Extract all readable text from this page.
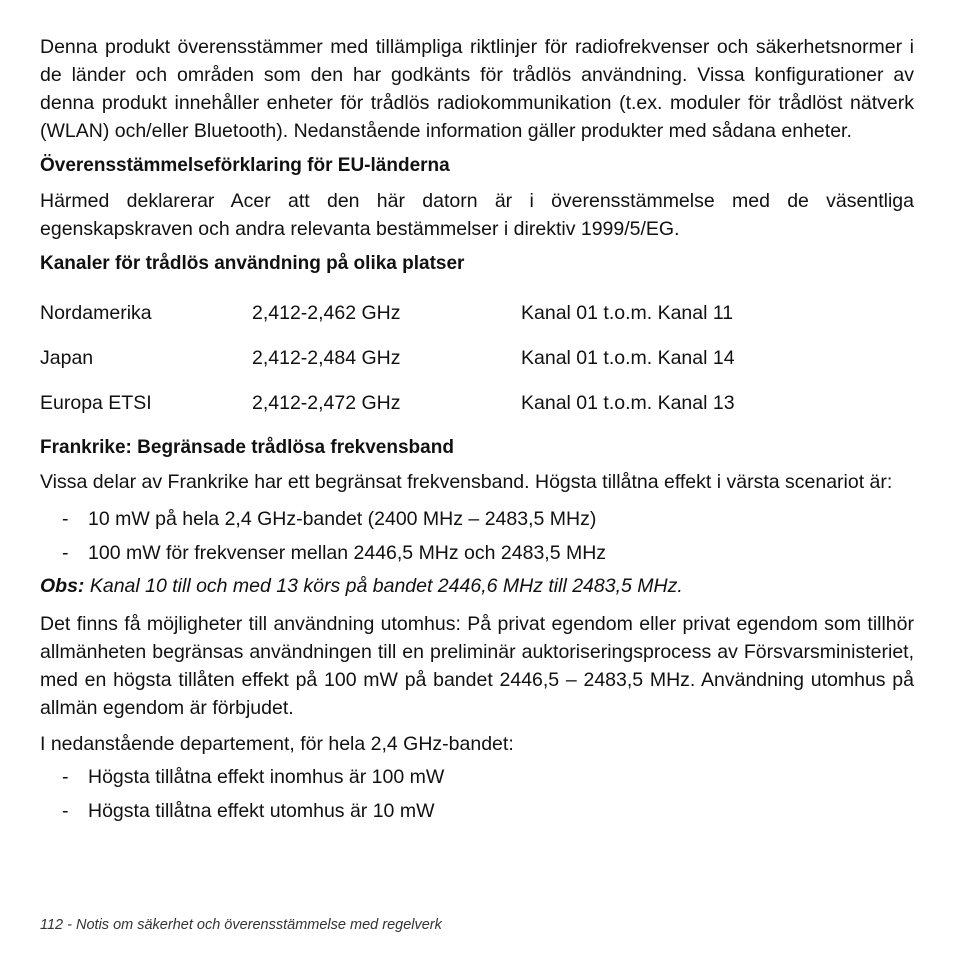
Denna produkt överensstämmer med tillämpliga riktlinjer för radiofrekvenser och säkerhetsnormer i de länder och områden som den har godkänts för trådlös användning. Vissa konfigurationer av denna produkt innehåller enheter för trådlös radiokommunikation (t.ex. moduler för trådlöst nätverk (WLAN) och/eller Bluetooth). Nedanstående information gäller produkter med sådana enheter.

Överensstämmelseförklaring för EU-länderna

Härmed deklarerar Acer att den här datorn är i överensstämmelse med de väsentliga egenskapskraven och andra relevanta bestämmelser i direktiv 1999/5/EG.

Kanaler för trådlös användning på olika platser

Nordamerika	2,412-2,462 GHz	Kanal 01 t.o.m. Kanal 11
Japan	2,412-2,484 GHz	Kanal 01 t.o.m. Kanal 14
Europa ETSI	2,412-2,472 GHz	Kanal 01 t.o.m. Kanal 13

Frankrike: Begränsade trådlösa frekvensband

Vissa delar av Frankrike har ett begränsat frekvensband. Högsta tillåtna effekt i värsta scenariot är:

- 10 mW på hela 2,4 GHz-bandet (2400 MHz – 2483,5 MHz)
- 100 mW för frekvenser mellan 2446,5 MHz och 2483,5 MHz

Obs: Kanal 10 till och med 13 körs på bandet 2446,6 MHz till 2483,5 MHz.

Det finns få möjligheter till användning utomhus: På privat egendom eller privat egendom som tillhör allmänheten begränsas användningen till en preliminär auktoriseringsprocess av Försvarsministeriet, med en högsta tillåten effekt på 100 mW på bandet 2446,5 – 2483,5 MHz. Användning utomhus på allmän egendom är förbjudet.

I nedanstående departement, för hela 2,4 GHz-bandet:

- Högsta tillåtna effekt inomhus är 100 mW
- Högsta tillåtna effekt utomhus är 10 mW
112 - Notis om säkerhet och överensstämmelse med regelverk
